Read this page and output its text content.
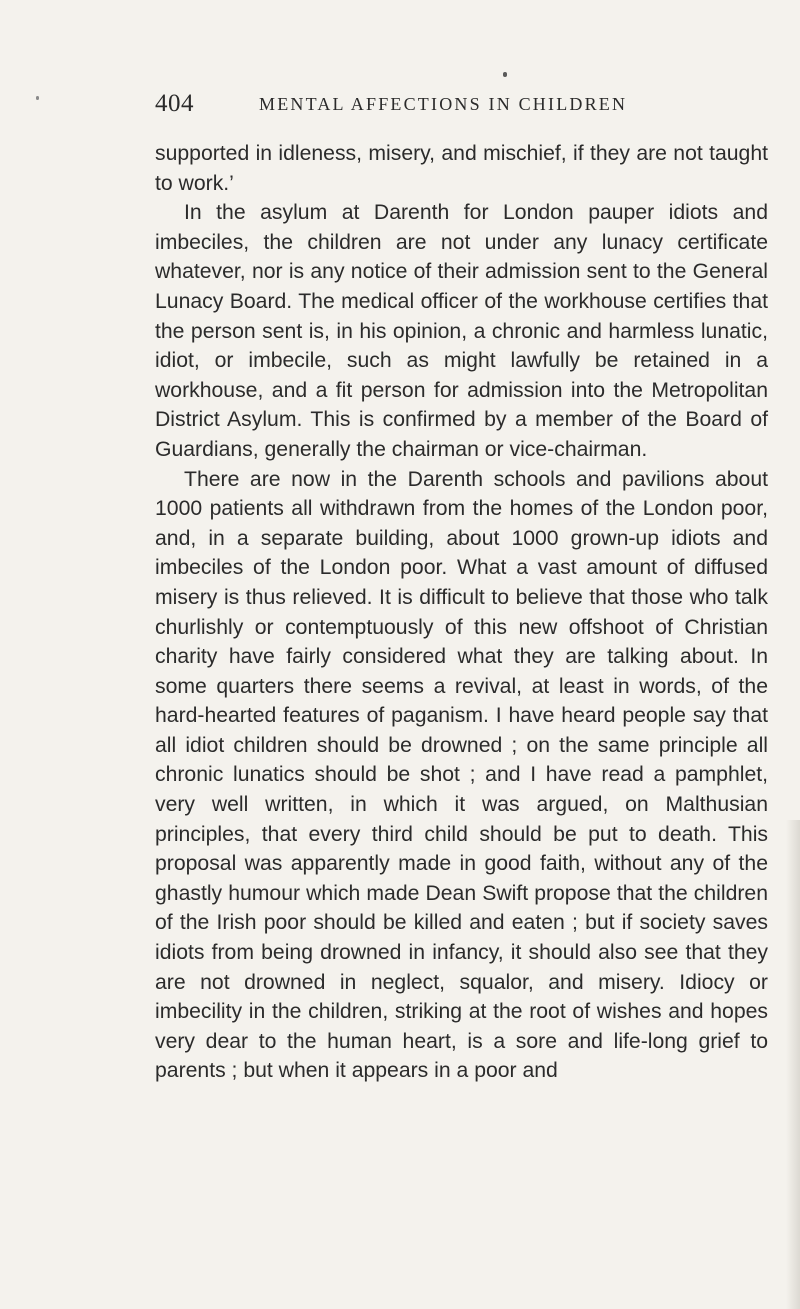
404	MENTAL AFFECTIONS IN CHILDREN

supported in idleness, misery, and mischief, if they are not taught to work.’

In the asylum at Darenth for London pauper idiots and imbeciles, the children are not under any lunacy certificate whatever, nor is any notice of their admission sent to the General Lunacy Board. The medical officer of the workhouse certifies that the person sent is, in his opinion, a chronic and harmless lunatic, idiot, or imbecile, such as might lawfully be retained in a workhouse, and a fit person for admission into the Metropolitan District Asylum. This is confirmed by a member of the Board of Guardians, generally the chairman or vice-chairman.

There are now in the Darenth schools and pavilions about 1000 patients all withdrawn from the homes of the London poor, and, in a separate building, about 1000 grown-up idiots and imbeciles of the London poor. What a vast amount of diffused misery is thus relieved. It is difficult to believe that those who talk churlishly or contemptuously of this new offshoot of Christian charity have fairly considered what they are talking about. In some quarters there seems a revival, at least in words, of the hard-hearted features of paganism. I have heard people say that all idiot children should be drowned ; on the same principle all chronic lunatics should be shot ; and I have read a pamphlet, very well written, in which it was argued, on Malthusian principles, that every third child should be put to death. This proposal was apparently made in good faith, without any of the ghastly humour which made Dean Swift propose that the children of the Irish poor should be killed and eaten ; but if society saves idiots from being drowned in infancy, it should also see that they are not drowned in neglect, squalor, and misery. Idiocy or imbecility in the children, striking at the root of wishes and hopes very dear to the human heart, is a sore and life-long grief to parents ; but when it appears in a poor and
